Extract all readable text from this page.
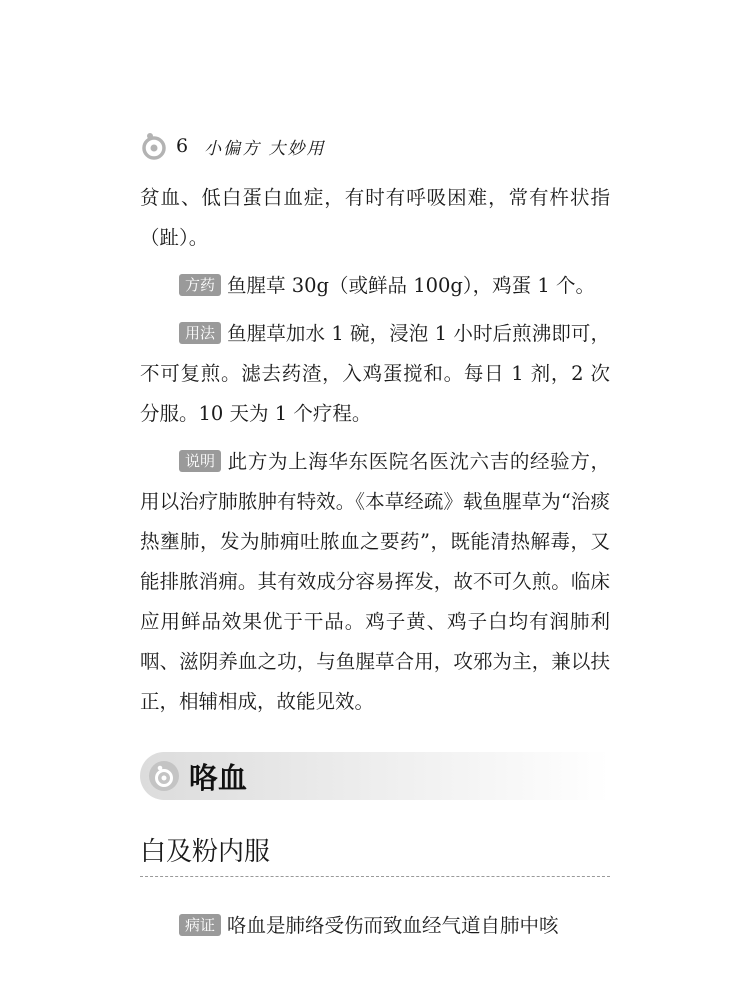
6 小偏方 大妙用

贫血、低白蛋白血症，有时有呼吸困难，常有杵状指（趾）。

方药 鱼腥草 30g（或鲜品 100g），鸡蛋 1 个。

用法 鱼腥草加水 1 碗，浸泡 1 小时后煎沸即可，不可复煎。滤去药渣，入鸡蛋搅和。每日 1 剂，2 次分服。10 天为 1 个疗程。

说明 此方为上海华东医院名医沈六吉的经验方，用以治疗肺脓肿有特效。《本草经疏》载鱼腥草为“治痰热壅肺，发为肺痈吐脓血之要药”，既能清热解毒，又能排脓消痈。其有效成分容易挥发，故不可久煎。临床应用鲜品效果优于干品。鸡子黄、鸡子白均有润肺利咽、滋阴养血之功，与鱼腥草合用，攻邪为主，兼以扶正，相辅相成，故能见效。

咯血
白及粉内服

病证 咯血是肺络受伤而致血经气道自肺中咳
